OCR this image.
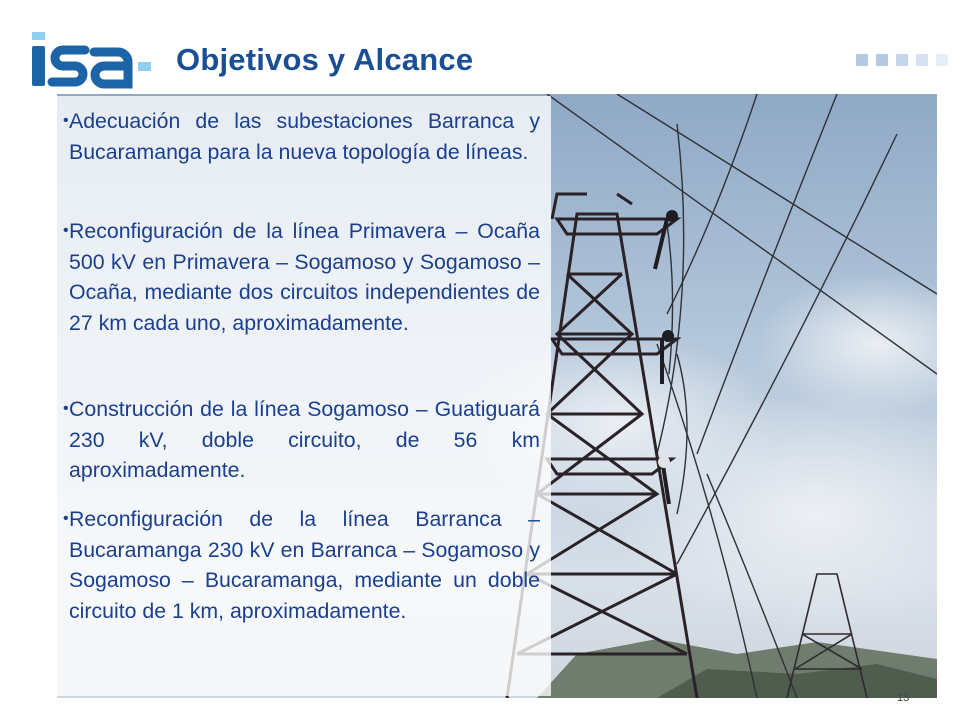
Objetivos y Alcance
• Adecuación de las subestaciones Barranca y Bucaramanga para la nueva topología de líneas.
• Reconfiguración de la línea Primavera – Ocaña 500 kV en Primavera – Sogamoso y Sogamoso – Ocaña, mediante dos circuitos independientes de 27 km cada uno, aproximadamente.
• Construcción de la línea Sogamoso – Guatiguará 230 kV, doble circuito, de 56 km aproximadamente.
• Reconfiguración de la línea Barranca – Bucaramanga 230 kV en Barranca – Sogamoso y Sogamoso – Bucaramanga, mediante un doble circuito de 1 km, aproximadamente.
13
